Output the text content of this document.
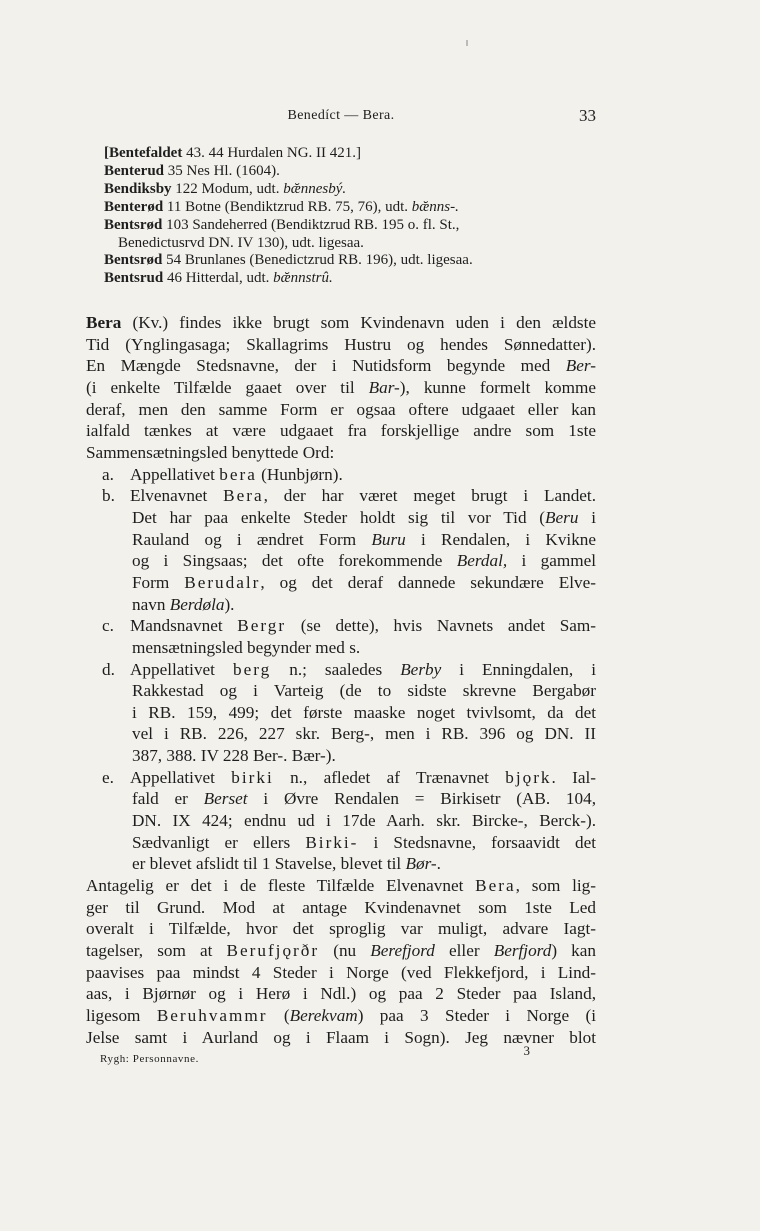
Benedíct — Bera.	33
[Bentefaldet 43. 44 Hurdalen NG. II 421.]
Benterud 35 Nes Hl. (1604).
Bendiksby 122 Modum, udt. bæ̆nnesbý.
Benterød 11 Botne (Bendiktzrud RB. 75, 76), udt. bæ̆nns-.
Bentsrød 103 Sandeherred (Bendiktzrud RB. 195 o. fl. St.,
Benedictusrvd DN. IV 130), udt. ligesaa.
Bentsrød 54 Brunlanes (Benedictzrud RB. 196), udt. ligesaa.
Bentsrud 46 Hitterdal, udt. bæ̆nnstrû.
Bera (Kv.) findes ikke brugt som Kvindenavn uden i den ældste
Tid (Ynglingasaga; Skallagrims Hustru og hendes Sønnedatter).
En Mængde Stedsnavne, der i Nutidsform begynde med Ber-
(i enkelte Tilfælde gaaet over til Bar-), kunne formelt komme
deraf, men den samme Form er ogsaa oftere udgaaet eller kan
ialfald tænkes at være udgaaet fra forskjellige andre som 1ste
Sammensætningsled benyttede Ord:
a. Appellativet bera (Hunbjørn).
b. Elvenavnet Bera, der har været meget brugt i Landet.
Det har paa enkelte Steder holdt sig til vor Tid (Beru i
Rauland og i ændret Form Buru i Rendalen, i Kvikne
og i Singsaas; det ofte forekommende Berdal, i gammel
Form Berudalr, og det deraf dannede sekundære Elve-
navn Berdøla).
c. Mandsnavnet Bergr (se dette), hvis Navnets andet Sam-
mensætningsled begynder med s.
d. Appellativet berg n.; saaledes Berby i Enningdalen, i
Rakkestad og i Varteig (de to sidste skrevne Bergabør
i RB. 159, 499; det første maaske noget tvivlsomt, da det
vel i RB. 226, 227 skr. Berg-, men i RB. 396 og DN. II
387, 388. IV 228 Ber-. Bær-).
e. Appellativet birki n., afledet af Trænavnet bjǫrk. Ial-
fald er Berset i Øvre Rendalen = Birkisetr (AB. 104,
DN. IX 424; endnu ud i 17de Aarh. skr. Bircke-, Berck-).
Sædvanligt er ellers Birki- i Stedsnavne, forsaavidt det
er blevet afslidt til 1 Stavelse, blevet til Bør-.
Antagelig er det i de fleste Tilfælde Elvenavnet Bera, som lig-
ger til Grund. Mod at antage Kvindenavnet som 1ste Led
overalt i Tilfælde, hvor det sproglig var muligt, advare Iagt-
tagelser, som at Berufjǫrðr (nu Berefjord eller Berfjord) kan
paavises paa mindst 4 Steder i Norge (ved Flekkefjord, i Lind-
aas, i Bjørnør og i Herø i Ndl.) og paa 2 Steder paa Island,
ligesom Beruhvammr (Berekvam) paa 3 Steder i Norge (i
Jelse samt i Aurland og i Flaam i Sogn). Jeg nævner blot
Rygh: Personnavne.
3
